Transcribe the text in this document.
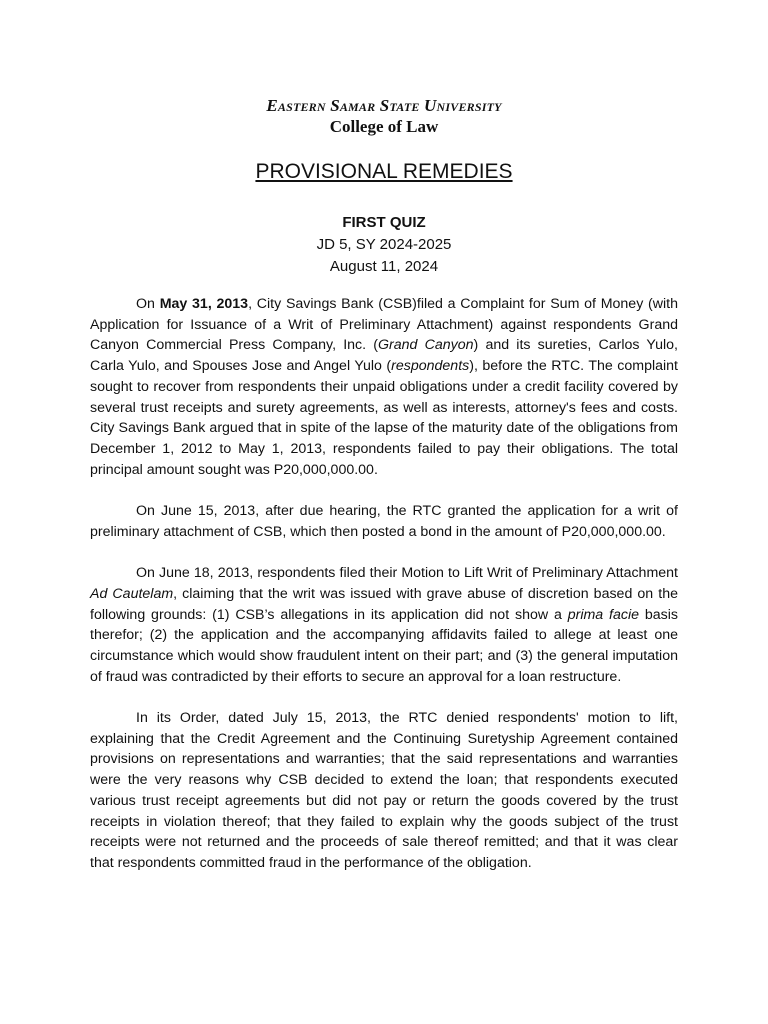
Eastern Samar State University
College of Law
PROVISIONAL REMEDIES
FIRST QUIZ
JD 5, SY 2024-2025
August 11, 2024

On May 31, 2013, City Savings Bank (CSB)filed a Complaint for Sum of Money (with Application for Issuance of a Writ of Preliminary Attachment) against respondents Grand Canyon Commercial Press Company, Inc. (Grand Canyon) and its sureties, Carlos Yulo, Carla Yulo, and Spouses Jose and Angel Yulo (respondents), before the RTC. The complaint sought to recover from respondents their unpaid obligations under a credit facility covered by several trust receipts and surety agreements, as well as interests, attorney's fees and costs. City Savings Bank argued that in spite of the lapse of the maturity date of the obligations from December 1, 2012 to May 1, 2013, respondents failed to pay their obligations. The total principal amount sought was P20,000,000.00.

On June 15, 2013, after due hearing, the RTC granted the application for a writ of preliminary attachment of CSB, which then posted a bond in the amount of P20,000,000.00.

On June 18, 2013, respondents filed their Motion to Lift Writ of Preliminary Attachment Ad Cautelam, claiming that the writ was issued with grave abuse of discretion based on the following grounds: (1) CSB’s allegations in its application did not show a prima facie basis therefor; (2) the application and the accompanying affidavits failed to allege at least one circumstance which would show fraudulent intent on their part; and (3) the general imputation of fraud was contradicted by their efforts to secure an approval for a loan restructure.

In its Order, dated July 15, 2013, the RTC denied respondents' motion to lift, explaining that the Credit Agreement and the Continuing Suretyship Agreement contained provisions on representations and warranties; that the said representations and warranties were the very reasons why CSB decided to extend the loan; that respondents executed various trust receipt agreements but did not pay or return the goods covered by the trust receipts in violation thereof; that they failed to explain why the goods subject of the trust receipts were not returned and the proceeds of sale thereof remitted; and that it was clear that respondents committed fraud in the performance of the obligation.
